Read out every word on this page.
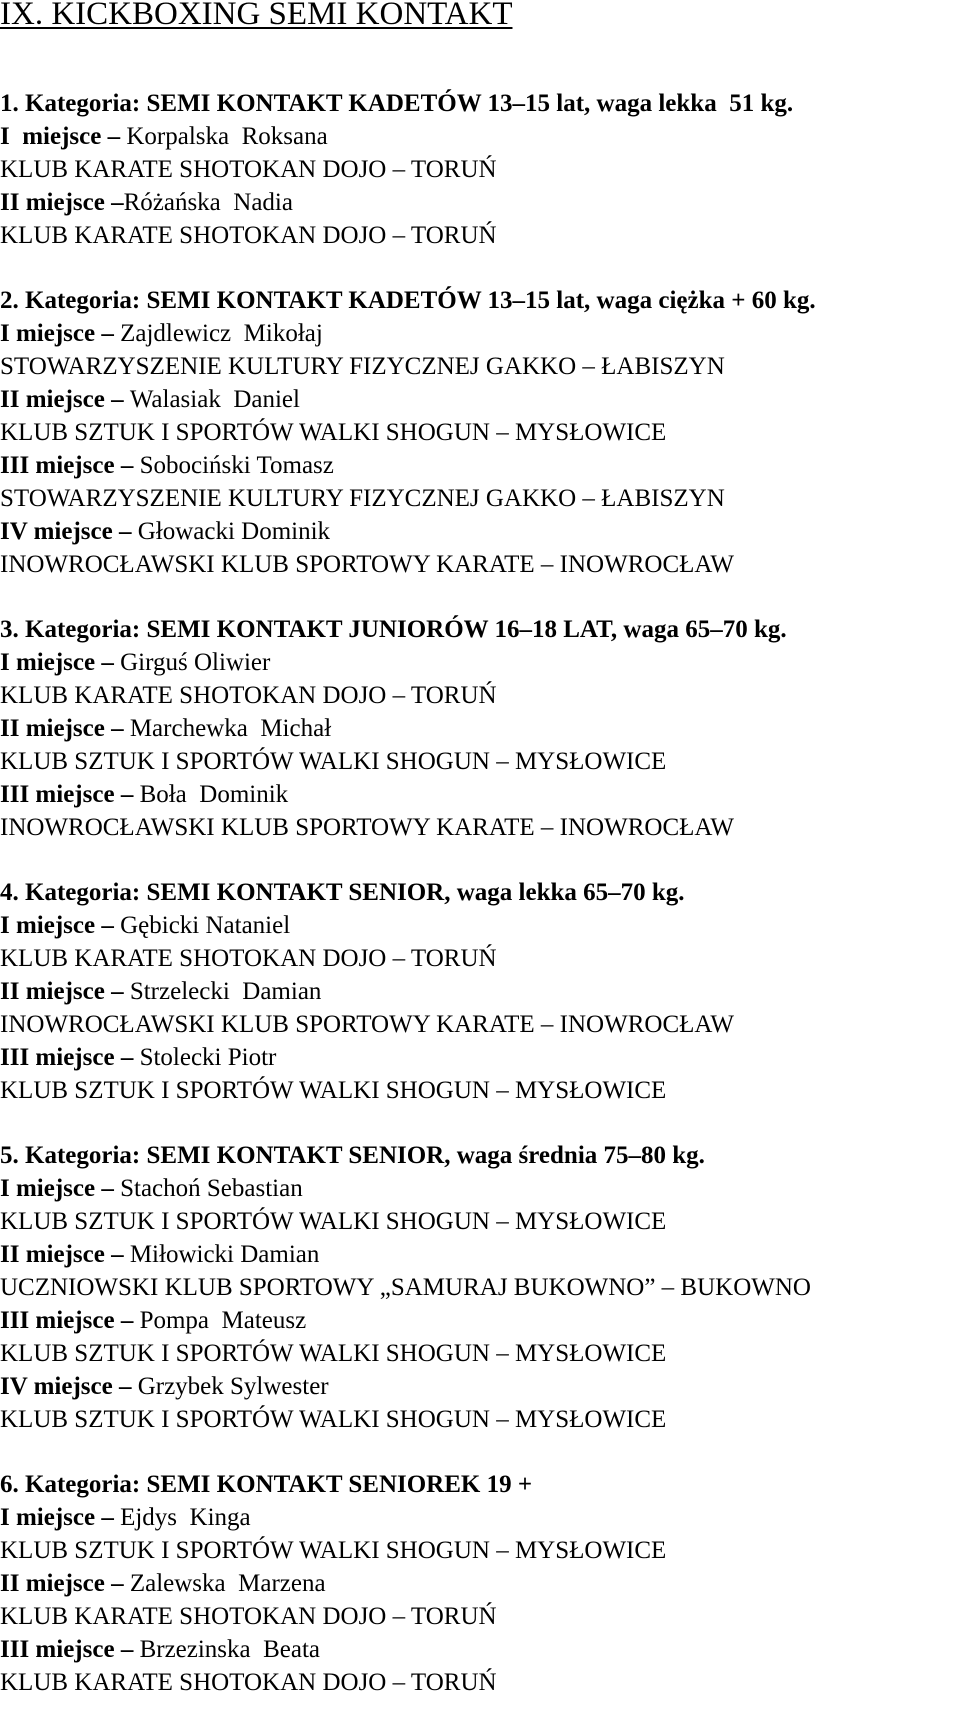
IX. KICKBOXING SEMI KONTAKT
1. Kategoria: SEMI KONTAKT KADETÓW 13–15 lat, waga lekka  51 kg.
I  miejsce – Korpalska  Roksana
KLUB KARATE SHOTOKAN DOJO – TORUŃ
II miejsce –Różańska  Nadia
KLUB KARATE SHOTOKAN DOJO – TORUŃ
2. Kategoria: SEMI KONTAKT KADETÓW 13–15 lat, waga ciężka + 60 kg.
I miejsce – Zajdlewicz  Mikołaj
STOWARZYSZENIE KULTURY FIZYCZNEJ GAKKO – ŁABISZYN
II miejsce – Walasiak  Daniel
KLUB SZTUK I SPORTÓW WALKI SHOGUN – MYSŁOWICE
III miejsce – Sobociński Tomasz
STOWARZYSZENIE KULTURY FIZYCZNEJ GAKKO – ŁABISZYN
IV miejsce – Głowacki Dominik
INOWROCŁAWSKI KLUB SPORTOWY KARATE – INOWROCŁAW
3. Kategoria: SEMI KONTAKT JUNIORÓW 16–18 LAT, waga 65–70 kg.
I miejsce – Girguś Oliwier
KLUB KARATE SHOTOKAN DOJO – TORUŃ
II miejsce – Marchewka  Michał
KLUB SZTUK I SPORTÓW WALKI SHOGUN – MYSŁOWICE
III miejsce – Boła  Dominik
INOWROCŁAWSKI KLUB SPORTOWY KARATE – INOWROCŁAW
4. Kategoria: SEMI KONTAKT SENIOR, waga lekka 65–70 kg.
I miejsce – Gębicki Nataniel
KLUB KARATE SHOTOKAN DOJO – TORUŃ
II miejsce – Strzelecki  Damian
INOWROCŁAWSKI KLUB SPORTOWY KARATE – INOWROCŁAW
III miejsce – Stolecki Piotr
KLUB SZTUK I SPORTÓW WALKI SHOGUN – MYSŁOWICE
5. Kategoria: SEMI KONTAKT SENIOR, waga średnia 75–80 kg.
I miejsce – Stachoń Sebastian
KLUB SZTUK I SPORTÓW WALKI SHOGUN – MYSŁOWICE
II miejsce – Miłowicki Damian
UCZNIOWSKI KLUB SPORTOWY „SAMURAJ BUKOWNO” – BUKOWNO
III miejsce – Pompa  Mateusz
KLUB SZTUK I SPORTÓW WALKI SHOGUN – MYSŁOWICE
IV miejsce – Grzybek Sylwester
KLUB SZTUK I SPORTÓW WALKI SHOGUN – MYSŁOWICE
6. Kategoria: SEMI KONTAKT SENIOREK 19 +
I miejsce – Ejdys  Kinga
KLUB SZTUK I SPORTÓW WALKI SHOGUN – MYSŁOWICE
II miejsce – Zalewska  Marzena
KLUB KARATE SHOTOKAN DOJO – TORUŃ
III miejsce – Brzezinska  Beata
KLUB KARATE SHOTOKAN DOJO – TORUŃ
